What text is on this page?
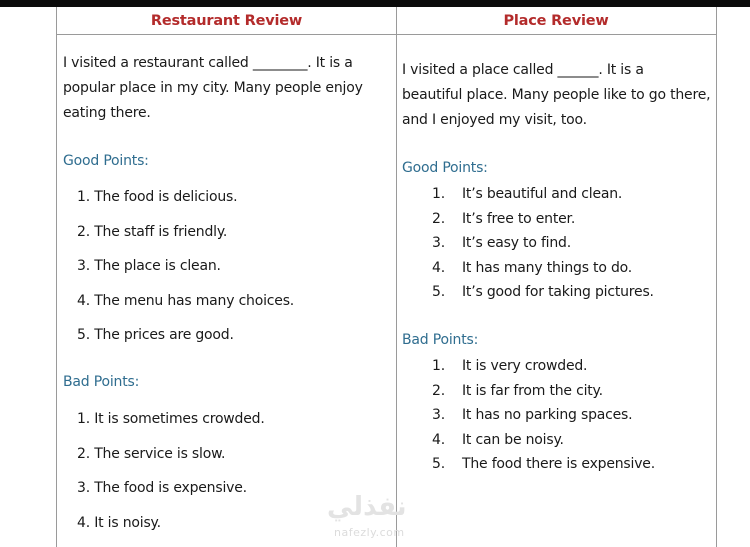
Restaurant Review
I visited a restaurant called ________. It is a
popular place in my city. Many people enjoy
eating there.
Good Points:
1. The food is delicious.
2. The staff is friendly.
3. The place is clean.
4. The menu has many choices.
5. The prices are good.
Bad Points:
1. It is sometimes crowded.
2. The service is slow.
3. The food is expensive.
4. It is noisy.
Place Review
I visited a place called ______. It is a
beautiful place. Many people like to go there,
and I enjoyed my visit, too.
Good Points:
1.	It’s beautiful and clean.
2.	It’s free to enter.
3.	It’s easy to find.
4.	It has many things to do.
5.	It’s good for taking pictures.
Bad Points:
1.	It is very crowded.
2.	It is far from the city.
3.	It has no parking spaces.
4.	It can be noisy.
5.	The food there is expensive.
نفذلي
nafezly.com
